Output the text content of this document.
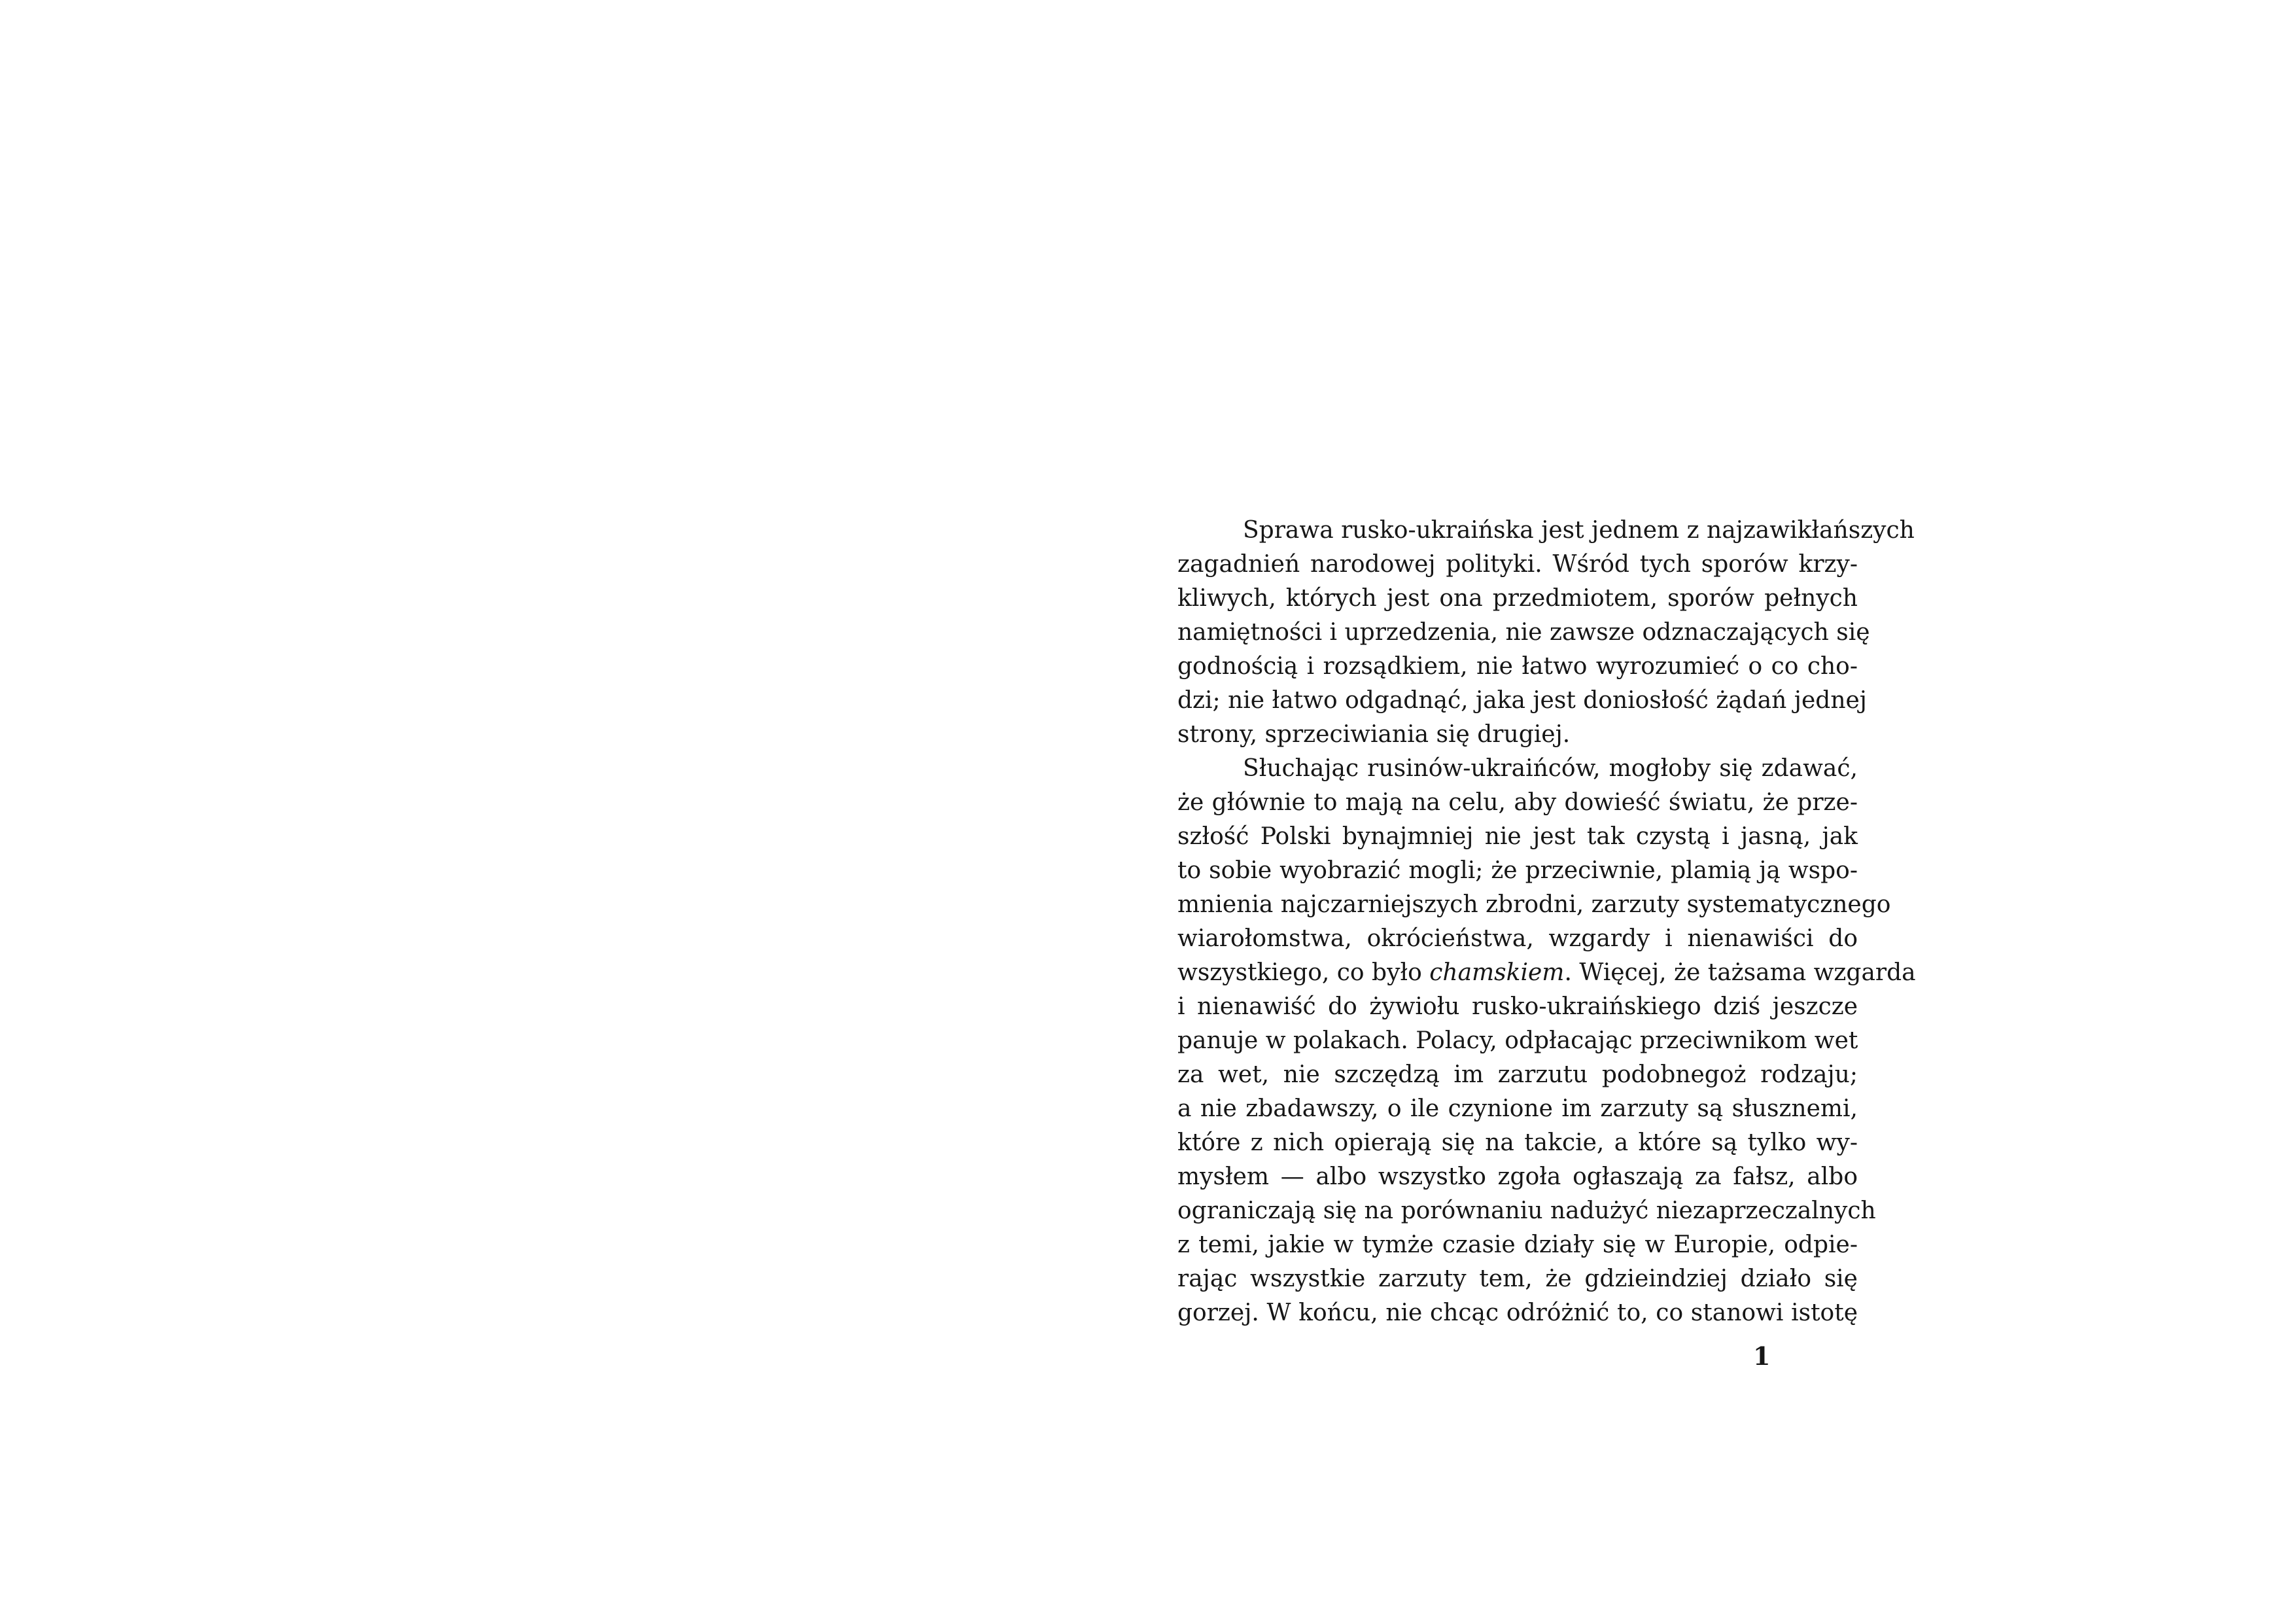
Sprawa rusko-ukraińska jest jednem z najzawikłańszych
zagadnień narodowej polityki. Wśród tych sporów krzy-
kliwych, których jest ona przedmiotem, sporów pełnych
namiętności i uprzedzenia, nie zawsze odznaczających się
godnością i rozsądkiem, nie łatwo wyrozumieć o co cho-
dzi; nie łatwo odgadnąć, jaka jest doniosłość żądań jednej
strony, sprzeciwiania się drugiej.
Słuchając rusinów-ukraińców, mogłoby się zdawać,
że głównie to mają na celu, aby dowieść światu, że prze-
szłość Polski bynajmniej nie jest tak czystą i jasną, jak
to sobie wyobrazić mogli; że przeciwnie, plamią ją wspo-
mnienia najczarniejszych zbrodni, zarzuty systematycznego
wiarołomstwa, okrócieństwa, wzgardy i nienawiści do
wszystkiego, co było chamskiem. Więcej, że tażsama wzgarda
i nienawiść do żywiołu rusko-ukraińskiego dziś jeszcze
panuje w polakach. Polacy, odpłacając przeciwnikom wet
za wet, nie szczędzą im zarzutu podobnegoż rodzaju;
a nie zbadawszy, o ile czynione im zarzuty są słusznemi,
które z nich opierają się na takcie, a które są tylko wy-
mysłem — albo wszystko zgoła ogłaszają za fałsz, albo
ograniczają się na porównaniu nadużyć niezaprzeczalnych
z temi, jakie w tymże czasie działy się w Europie, odpie-
rając wszystkie zarzuty tem, że gdzieindziej działo się
gorzej. W końcu, nie chcąc odróżnić to, co stanowi istotę
1
